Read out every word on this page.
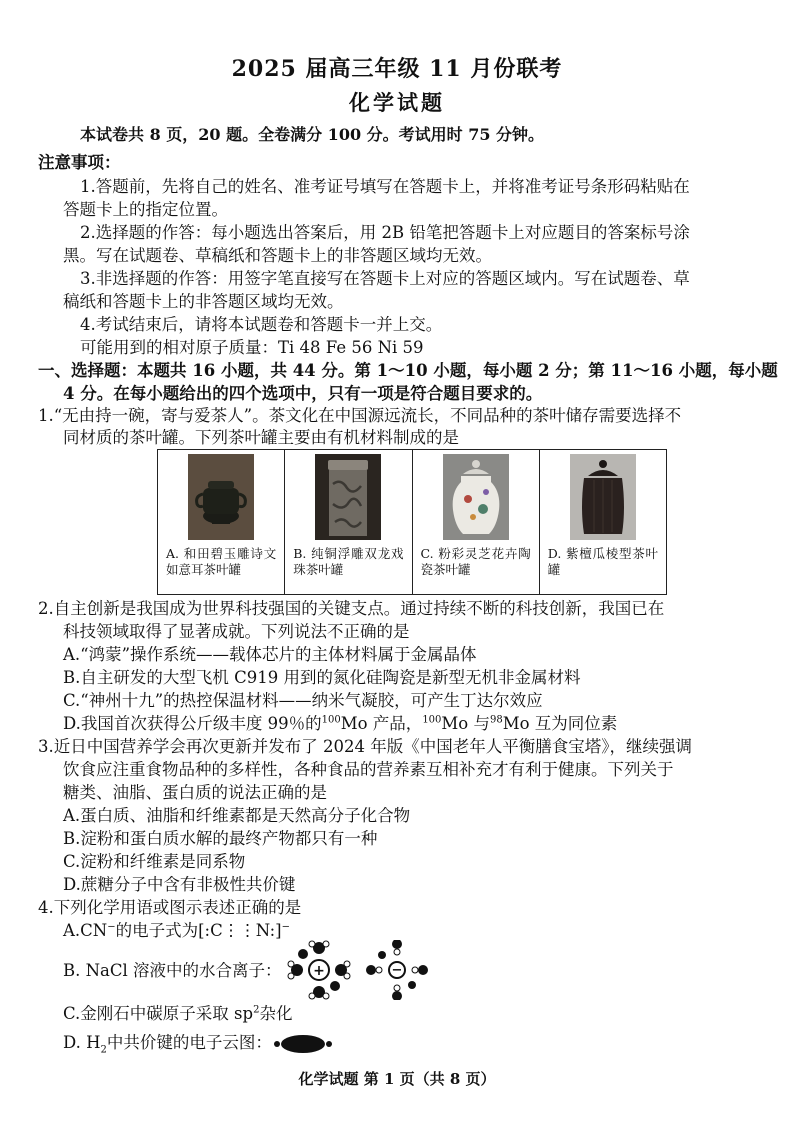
2025 届高三年级 11 月份联考
化学试题
本试卷共 8 页，20 题。全卷满分 100 分。考试用时 75 分钟。
注意事项：
1.答题前，先将自己的姓名、准考证号填写在答题卡上，并将准考证号条形码粘贴在
答题卡上的指定位置。
2.选择题的作答：每小题选出答案后，用 2B 铅笔把答题卡上对应题目的答案标号涂
黑。写在试题卷、草稿纸和答题卡上的非答题区域均无效。
3.非选择题的作答：用签字笔直接写在答题卡上对应的答题区域内。写在试题卷、草
稿纸和答题卡上的非答题区域均无效。
4.考试结束后，请将本试题卷和答题卡一并上交。
可能用到的相对原子质量：Ti 48 Fe 56 Ni 59
一、选择题：本题共 16 小题，共 44 分。第 1～10 小题，每小题 2 分；第 11～16 小题，每小题
4 分。在每小题给出的四个选项中，只有一项是符合题目要求的。
1.“无由持一碗，寄与爱茶人”。茶文化在中国源远流长，不同品种的茶叶储存需要选择不
同材质的茶叶罐。下列茶叶罐主要由有机材料制成的是
A. 和田碧玉雕诗文如意耳茶叶罐
B. 纯铜浮雕双龙戏珠茶叶罐
C. 粉彩灵芝花卉陶瓷茶叶罐
D. 紫檀瓜棱型茶叶罐
2.自主创新是我国成为世界科技强国的关键支点。通过持续不断的科技创新，我国已在
科技领域取得了显著成就。下列说法不正确的是
A.“鸿蒙”操作系统——载体芯片的主体材料属于金属晶体
B.自主研发的大型飞机 C919 用到的氮化硅陶瓷是新型无机非金属材料
C.“神州十九”的热控保温材料——纳米气凝胶，可产生丁达尔效应
D.我国首次获得公斤级丰度 99％的$^{100}$Mo 产品，$^{100}$Mo 与$^{98}$Mo 互为同位素
3.近日中国营养学会再次更新并发布了 2024 年版《中国老年人平衡膳食宝塔》，继续强调
饮食应注重食物品种的多样性，各种食品的营养素互相补充才有利于健康。下列关于
糖类、油脂、蛋白质的说法正确的是
A.蛋白质、油脂和纤维素都是天然高分子化合物
B.淀粉和蛋白质水解的最终产物都只有一种
C.淀粉和纤维素是同系物
D.蔗糖分子中含有非极性共价键
4.下列化学用语或图示表述正确的是
A.CN−的电子式为[:C⋮⋮N:]−
B. NaCl 溶液中的水合离子： +	−
C.金刚石中碳原子采取 $sp^2$杂化
D. $H_2$中共价键的电子云图：
化学试题 第 1 页（共 8 页）
